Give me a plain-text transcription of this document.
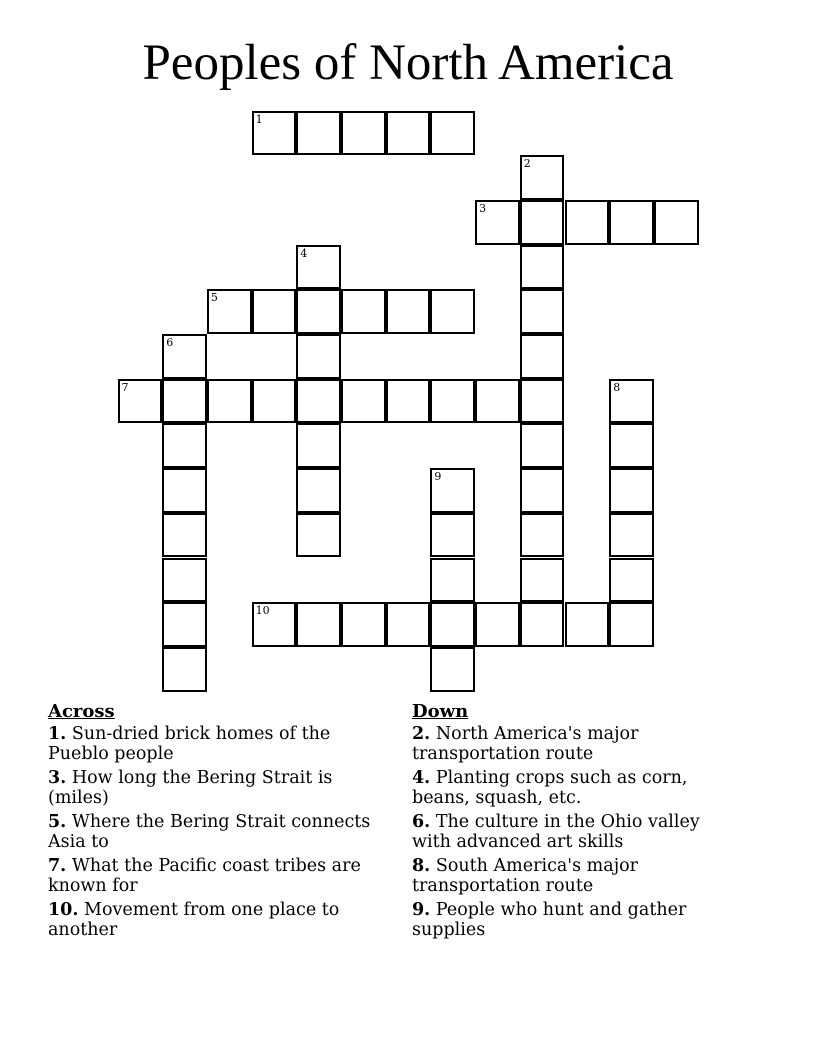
Peoples of North America
1
2
3
4
5
6
7	8
9
10
Across
1. Sun-dried brick homes of the Pueblo people
3. How long the Bering Strait is (miles)
5. Where the Bering Strait connects Asia to
7. What the Pacific coast tribes are known for
10. Movement from one place to another
Down
2. North America's major transportation route
4. Planting crops such as corn, beans, squash, etc.
6. The culture in the Ohio valley with advanced art skills
8. South America's major transportation route
9. People who hunt and gather supplies
